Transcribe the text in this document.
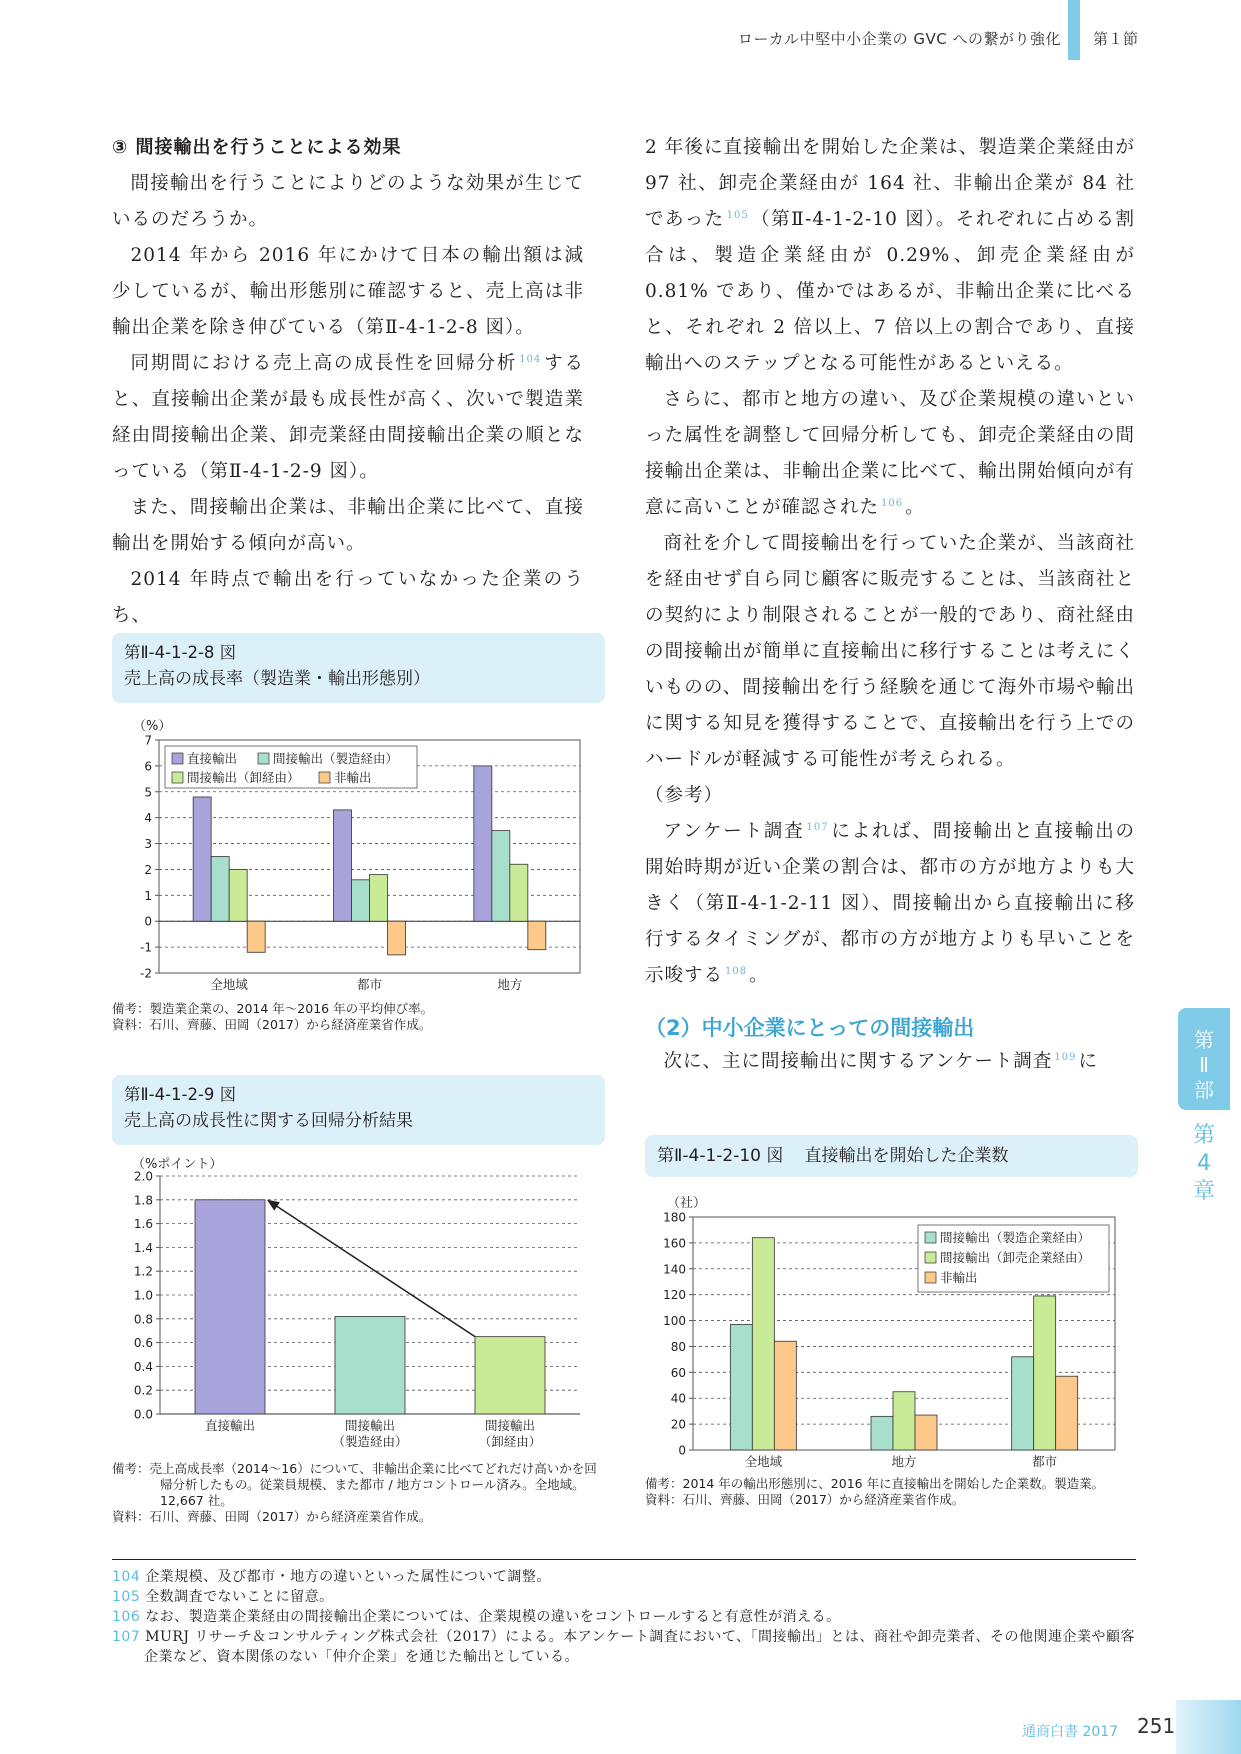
ローカル中堅中小企業の GVC への繋がり強化 第１節
③ 間接輸出を行うことによる効果

間接輸出を行うことによりどのような効果が生じているのだろうか。

2014 年から 2016 年にかけて日本の輸出額は減少しているが、輸出形態別に確認すると、売上高は非輸出企業を除き伸びている（第Ⅱ-4-1-2-8 図）。

同期間における売上高の成長性を回帰分析 $^{104}$ すると、直接輸出企業が最も成長性が高く、次いで製造業経由間接輸出企業、卸売業経由間接輸出企業の順となっている（第Ⅱ-4-1-2-9 図）。

また、間接輸出企業は、非輸出企業に比べて、直接輸出を開始する傾向が高い。

2014 年時点で輸出を行っていなかった企業のうち、

2 年後に直接輸出を開始した企業は、製造業企業経由が 97 社、卸売企業経由が 164 社、非輸出企業が 84 社であった $^{105}$ （第Ⅱ-4-1-2-10 図）。それぞれに占める割合は、製造企業経由が 0.29%、卸売企業経由が 0.81% であり、僅かではあるが、非輸出企業に比べると、それぞれ 2 倍以上、7 倍以上の割合であり、直接輸出へのステップとなる可能性があるといえる。

さらに、都市と地方の違い、及び企業規模の違いといった属性を調整して回帰分析しても、卸売企業経由の間接輸出企業は、非輸出企業に比べて、輸出開始傾向が有意に高いことが確認された $^{106}$ 。

商社を介して間接輸出を行っていた企業が、当該商社を経由せず自ら同じ顧客に販売することは、当該商社との契約により制限されることが一般的であり、商社経由の間接輸出が簡単に直接輸出に移行することは考えにくいものの、間接輸出を行う経験を通じて海外市場や輸出に関する知見を獲得することで、直接輸出を行う上でのハードルが軽減する可能性が考えられる。

（参考）

アンケート調査 $^{107}$ によれば、間接輸出と直接輸出の開始時期が近い企業の割合は、都市の方が地方よりも大きく（第Ⅱ-4-1-2-11 図）、間接輸出から直接輸出に移行するタイミングが、都市の方が地方よりも早いことを示唆する $^{108}$ 。

（2）中小企業にとっての間接輸出
次に、主に間接輸出に関するアンケート調査 $^{109}$ に
第Ⅱ-4-1-2-8 図
売上高の成長率（製造業・輸出形態別）
（%）
7
6
5
4
3
2
1
0
-1
-2
全地域	都市	地方
直接輸出	間接輸出（製造経由）
間接輸出（卸経由）	非輸出
備考：製造業企業の、2014 年～2016 年の平均伸び率。
資料：石川、齊藤、田岡（2017）から経済産業省作成。
第Ⅱ-4-1-2-9 図
売上高の成長性に関する回帰分析結果
（%ポイント）
2.0
1.8
1.6
1.4
1.2
1.0
0.8
0.6
0.4
0.2
0.0
直接輸出	間接輸出
（製造経由）
間接輸出
（卸経由）
備考：売上高成長率（2014～16）について、非輸出企業に比べてどれだけ高いかを回帰分析したもの。従業員規模、また都市 / 地方コントロール済み。全地域。12,667 社。
資料：石川、齊藤、田岡（2017）から経済産業省作成。
第Ⅱ-4-1-2-10 図 直接輸出を開始した企業数
（社）
180
160
140
120
100
80
60
40
20
0
全地域	地方	都市
間接輸出（製造企業経由）
間接輸出（卸売企業経由）
非輸出
備考：2014 年の輸出形態別に、2016 年に直接輸出を開始した企業数。製造業。
資料：石川、齊藤、田岡（2017）から経済産業省作成。
第
Ⅱ
部
第
4
章
104 企業規模、及び都市・地方の違いといった属性について調整。
105 全数調査でないことに留意。
106 なお、製造業企業経由の間接輸出企業については、企業規模の違いをコントロールすると有意性が消える。
107 MURJ リサーチ＆コンサルティング株式会社（2017）による。本アンケート調査において、「間接輸出」とは、商社や卸売業者、その他関連企業や顧客企業など、資本関係のない「仲介企業」を通じた輸出としている。
通商白書 2017 251
